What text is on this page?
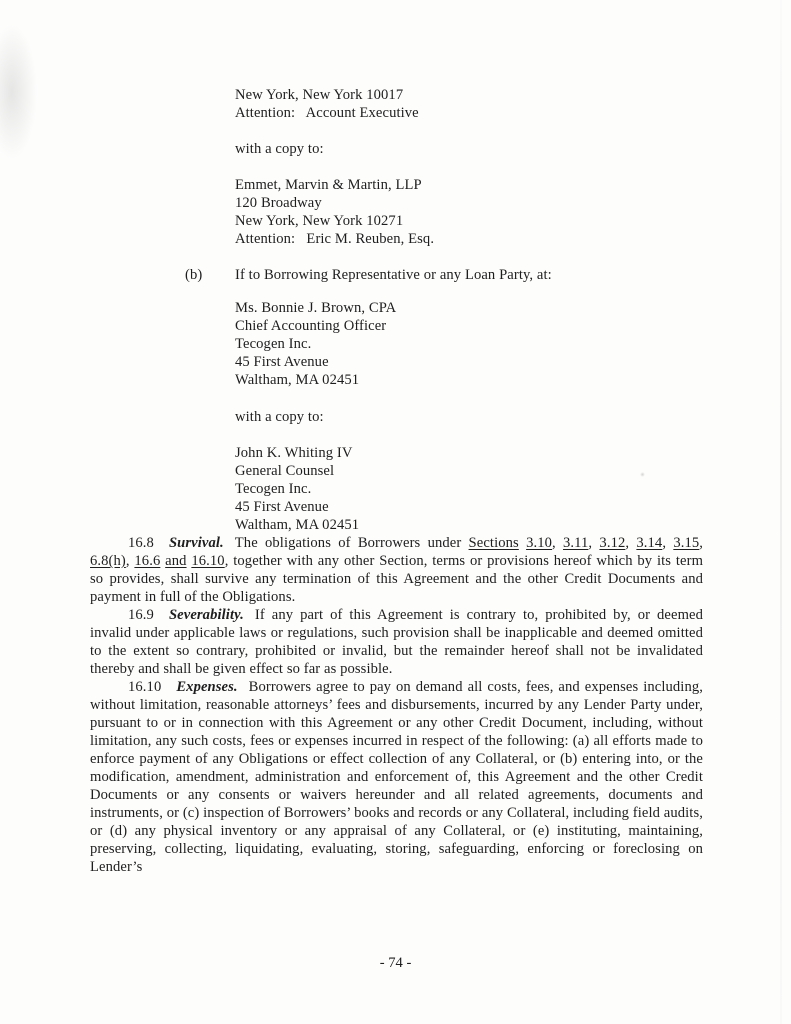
New York, New York 10017
Attention:   Account Executive
with a copy to:
Emmet, Marvin & Martin, LLP
120 Broadway
New York, New York 10271
Attention:   Eric M. Reuben, Esq.
(b)	If to Borrowing Representative or any Loan Party, at:
Ms. Bonnie J. Brown, CPA
Chief Accounting Officer
Tecogen Inc.
45 First Avenue
Waltham, MA 02451
with a copy to:
John K. Whiting IV
General Counsel
Tecogen Inc.
45 First Avenue
Waltham, MA 02451

16.8 Survival. The obligations of Borrowers under Sections 3.10, 3.11, 3.12, 3.14, 3.15, 6.8(h), 16.6 and 16.10, together with any other Section, terms or provisions hereof which by its term so provides, shall survive any termination of this Agreement and the other Credit Documents and payment in full of the Obligations.

16.9 Severability. If any part of this Agreement is contrary to, prohibited by, or deemed invalid under applicable laws or regulations, such provision shall be inapplicable and deemed omitted to the extent so contrary, prohibited or invalid, but the remainder hereof shall not be invalidated thereby and shall be given effect so far as possible.

16.10 Expenses. Borrowers agree to pay on demand all costs, fees, and expenses including, without limitation, reasonable attorneys’ fees and disbursements, incurred by any Lender Party under, pursuant to or in connection with this Agreement or any other Credit Document, including, without limitation, any such costs, fees or expenses incurred in respect of the following: (a) all efforts made to enforce payment of any Obligations or effect collection of any Collateral, or (b) entering into, or the modification, amendment, administration and enforcement of, this Agreement and the other Credit Documents or any consents or waivers hereunder and all related agreements, documents and instruments, or (c) inspection of Borrowers’ books and records or any Collateral, including field audits, or (d) any physical inventory or any appraisal of any Collateral, or (e) instituting, maintaining, preserving, collecting, liquidating, evaluating, storing, safeguarding, enforcing or foreclosing on Lender’s

- 74 -
